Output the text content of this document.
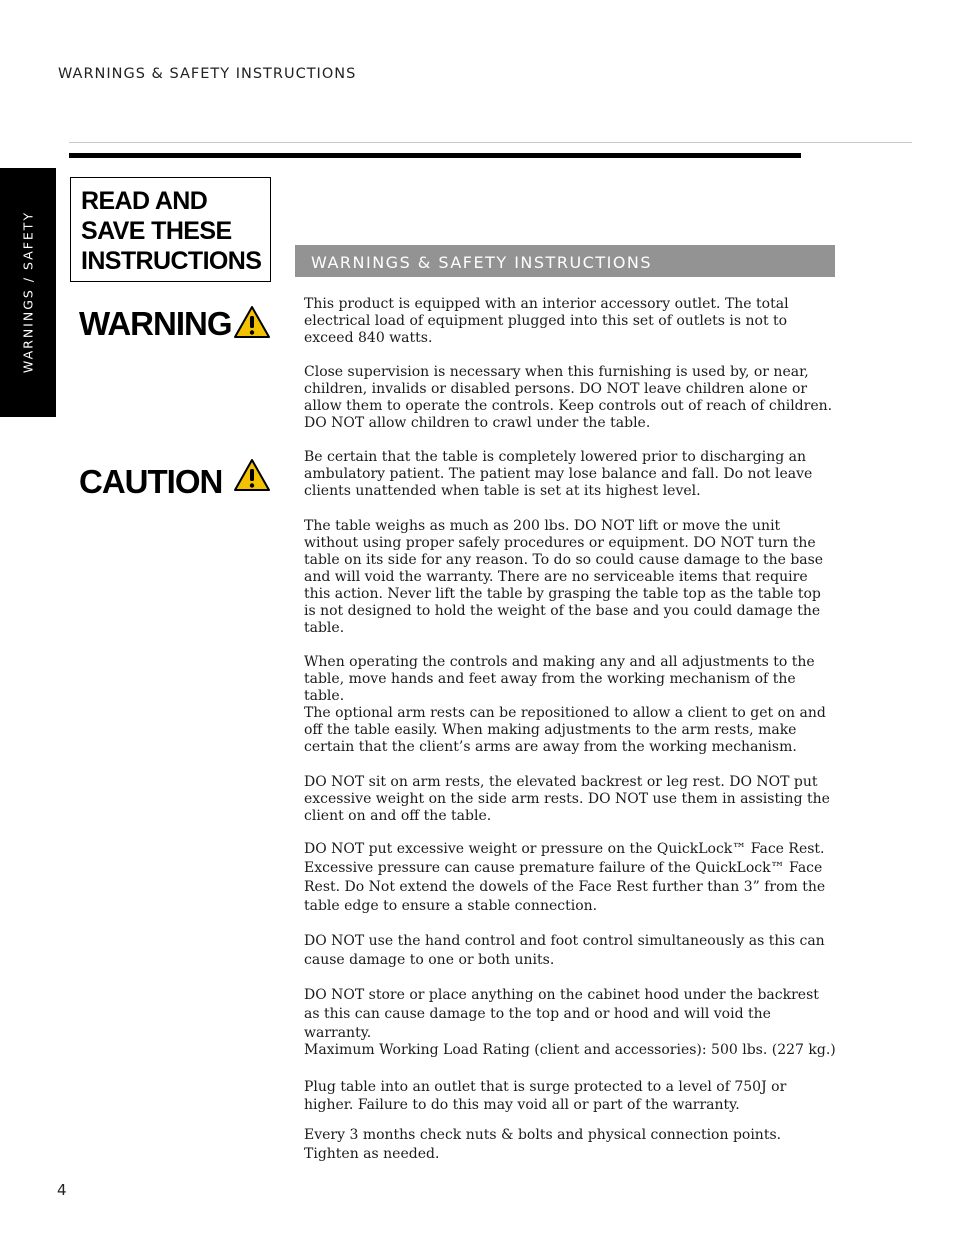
WARNINGS & SAFETY INSTRUCTIONS
WARNINGS / SAFETY
READ AND SAVE THESE INSTRUCTIONS
WARNING
CAUTION
WARNINGS & SAFETY INSTRUCTIONS

This product is equipped with an interior accessory outlet. The total electrical load of equipment plugged into this set of outlets is not to exceed 840 watts.

Close supervision is necessary when this furnishing is used by, or near, children, invalids or disabled persons. DO NOT leave children alone or allow them to operate the controls. Keep controls out of reach of children. DO NOT allow children to crawl under the table.

Be certain that the table is completely lowered prior to discharging an ambulatory patient. The patient may lose balance and fall. Do not leave clients unattended when table is set at its highest level.

The table weighs as much as 200 lbs. DO NOT lift or move the unit without using proper safely procedures or equipment. DO NOT turn the table on its side for any reason. To do so could cause damage to the base and will void the warranty. There are no serviceable items that require this action. Never lift the table by grasping the table top as the table top is not designed to hold the weight of the base and you could damage the table.

When operating the controls and making any and all adjustments to the table, move hands and feet away from the working mechanism of the table.

The optional arm rests can be repositioned to allow a client to get on and off the table easily. When making adjustments to the arm rests, make certain that the client’s arms are away from the working mechanism.

DO NOT sit on arm rests, the elevated backrest or leg rest. DO NOT put excessive weight on the side arm rests. DO NOT use them in assisting the client on and off the table.

DO NOT put excessive weight or pressure on the QuickLock™ Face Rest. Excessive pressure can cause premature failure of the QuickLock™ Face Rest. Do Not extend the dowels of the Face Rest further than 3” from the table edge to ensure a stable connection.

DO NOT use the hand control and foot control simultaneously as this can cause damage to one or both units.

DO NOT store or place anything on the cabinet hood under the backrest as this can cause damage to the top and or hood and will void the warranty.

Maximum Working Load Rating (client and accessories): 500 lbs. (227 kg.)

Plug table into an outlet that is surge protected to a level of 750J or higher. Failure to do this may void all or part of the warranty.

Every 3 months check nuts & bolts and physical connection points. Tighten as needed.

4
